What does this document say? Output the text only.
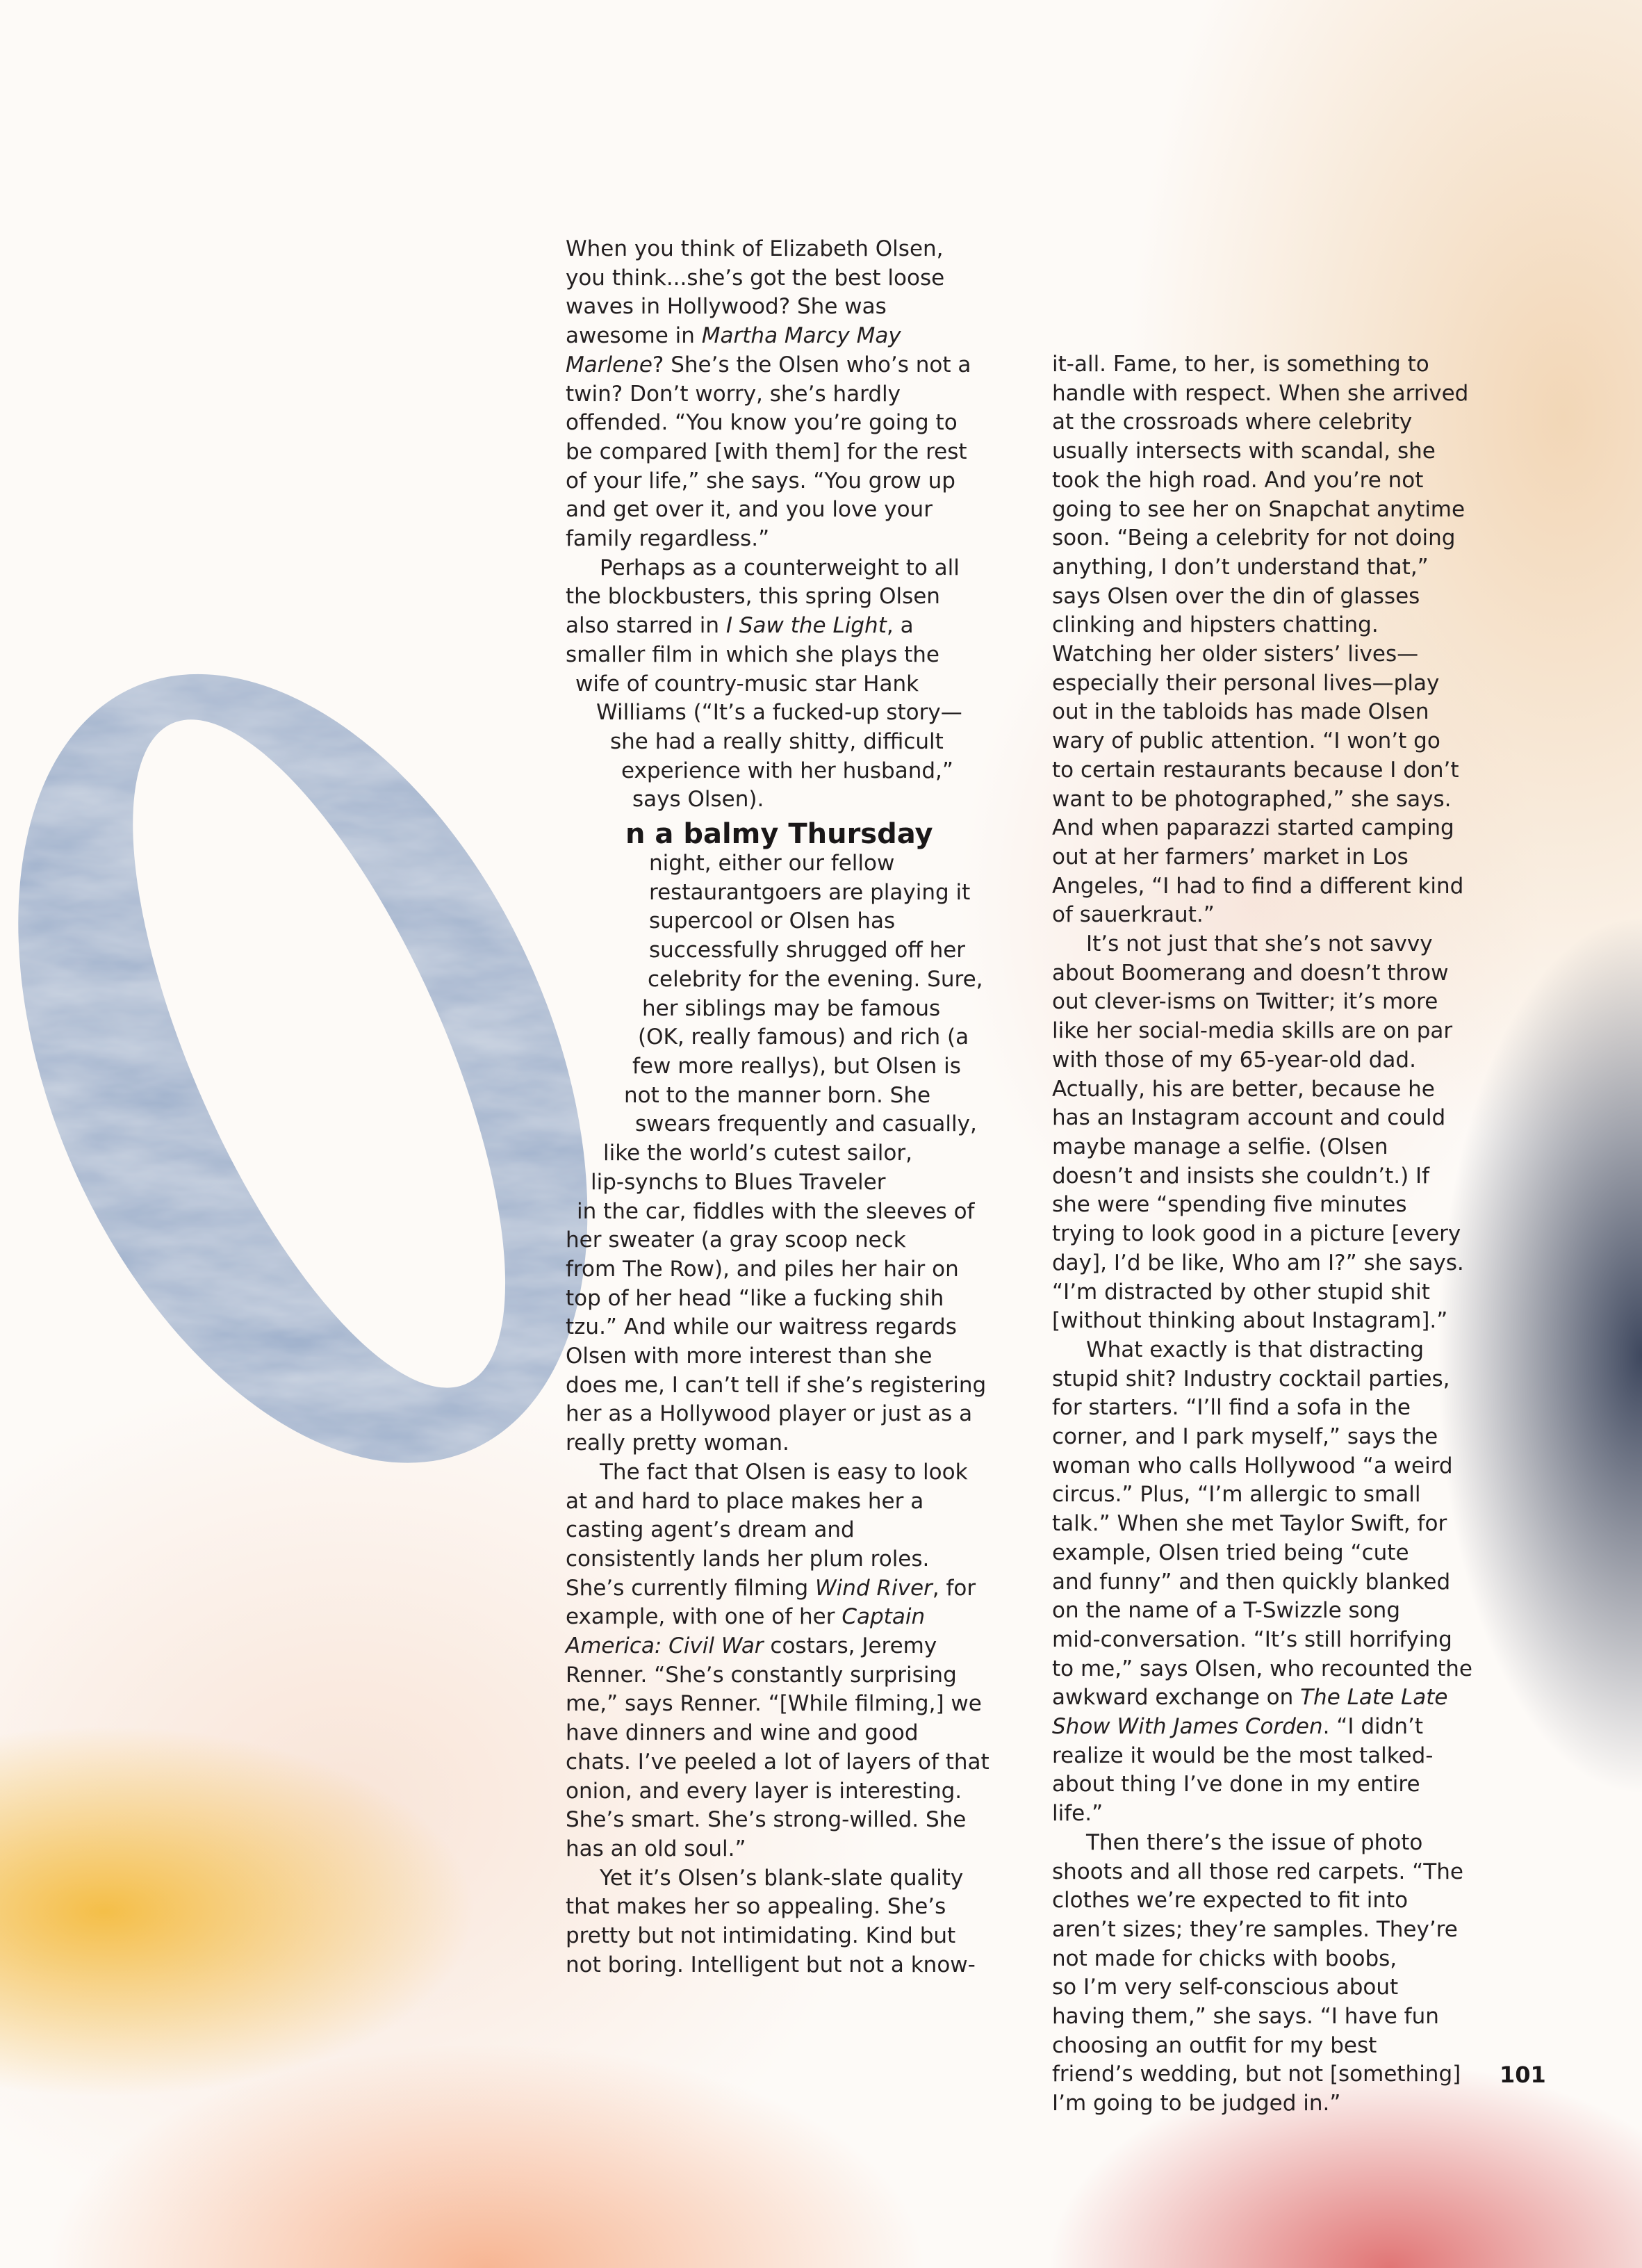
When you think of Elizabeth Olsen,
you think...she’s got the best loose
waves in Hollywood? She was
awesome in Martha Marcy May
Marlene? She’s the Olsen who’s not a
twin? Don’t worry, she’s hardly
offended. “You know you’re going to
be compared [with them] for the rest
of your life,” she says. “You grow up
and get over it, and you love your
family regardless.”

Perhaps as a counterweight to all
the blockbusters, this spring Olsen
also starred in I Saw the Light, a
smaller film in which she plays the
wife of country-music star Hank
Williams (“It’s a fucked-up story—
she had a really shitty, difficult
experience with her husband,”
says Olsen).

n a balmy Thursday

night, either our fellow
restaurantgoers are playing it
supercool or Olsen has
successfully shrugged off her
celebrity for the evening. Sure,
her siblings may be famous
(OK, really famous) and rich (a
few more reallys), but Olsen is
not to the manner born. She
swears frequently and casually,
like the world’s cutest sailor,
lip-synchs to Blues Traveler
in the car, fiddles with the sleeves of
her sweater (a gray scoop neck
from The Row), and piles her hair on
top of her head “like a fucking shih
tzu.” And while our waitress regards
Olsen with more interest than she
does me, I can’t tell if she’s registering
her as a Hollywood player or just as a
really pretty woman.

The fact that Olsen is easy to look
at and hard to place makes her a
casting agent’s dream and
consistently lands her plum roles.
She’s currently filming Wind River, for
example, with one of her Captain
America: Civil War costars, Jeremy
Renner. “She’s constantly surprising
me,” says Renner. “[While filming,] we
have dinners and wine and good
chats. I’ve peeled a lot of layers of that
onion, and every layer is interesting.
She’s smart. She’s strong-willed. She
has an old soul.”

Yet it’s Olsen’s blank-slate quality
that makes her so appealing. She’s
pretty but not intimidating. Kind but
not boring. Intelligent but not a know-

it-all. Fame, to her, is something to
handle with respect. When she arrived
at the crossroads where celebrity
usually intersects with scandal, she
took the high road. And you’re not
going to see her on Snapchat anytime
soon. “Being a celebrity for not doing
anything, I don’t understand that,”
says Olsen over the din of glasses
clinking and hipsters chatting.
Watching her older sisters’ lives—
especially their personal lives—play
out in the tabloids has made Olsen
wary of public attention. “I won’t go
to certain restaurants because I don’t
want to be photographed,” she says.
And when paparazzi started camping
out at her farmers’ market in Los
Angeles, “I had to find a different kind
of sauerkraut.”

It’s not just that she’s not savvy
about Boomerang and doesn’t throw
out clever-isms on Twitter; it’s more
like her social-media skills are on par
with those of my 65-year-old dad.
Actually, his are better, because he
has an Instagram account and could
maybe manage a selfie. (Olsen
doesn’t and insists she couldn’t.) If
she were “spending five minutes
trying to look good in a picture [every
day], I’d be like, Who am I?” she says.
“I’m distracted by other stupid shit
[without thinking about Instagram].”

What exactly is that distracting
stupid shit? Industry cocktail parties,
for starters. “I’ll find a sofa in the
corner, and I park myself,” says the
woman who calls Hollywood “a weird
circus.” Plus, “I’m allergic to small
talk.” When she met Taylor Swift, for
example, Olsen tried being “cute
and funny” and then quickly blanked
on the name of a T-Swizzle song
mid-conversation. “It’s still horrifying
to me,” says Olsen, who recounted the
awkward exchange on The Late Late
Show With James Corden. “I didn’t
realize it would be the most talked-
about thing I’ve done in my entire life.”

Then there’s the issue of photo
shoots and all those red carpets. “The
clothes we’re expected to fit into
aren’t sizes; they’re samples. They’re
not made for chicks with boobs,
so I’m very self-conscious about
having them,” she says. “I have fun
choosing an outfit for my best
friend’s wedding, but not [something]
I’m going to be judged in.”

101
